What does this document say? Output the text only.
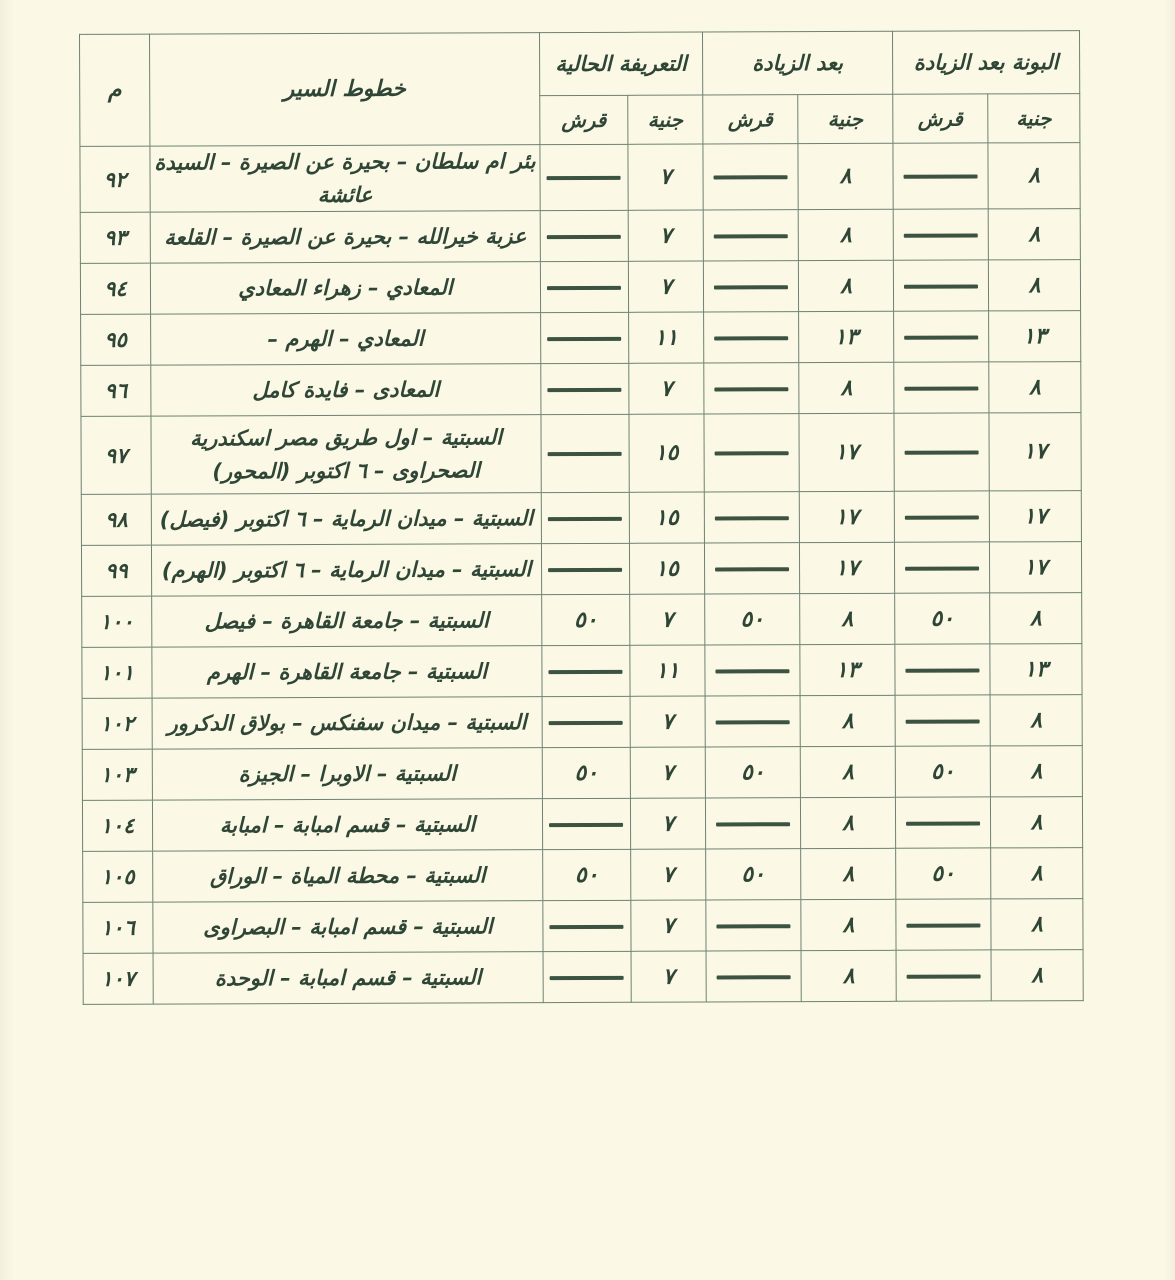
البونة بعد الزيادة		بعد الزيادة		التعريفة الحالية		خطوط السير	م
جنية	قرش	جنية	قرش	جنية	قرش		
٨		٨		٧		بئر ام سلطان – بحيرة عن الصيرة – السيدة عائشة	٩٢
٨		٨		٧		عزبة خيرالله – بحيرة عن الصيرة – القلعة	٩٣
٨		٨		٧		المعادي – زهراء المعادي	٩٤
١٣		١٣		١١		المعادي – الهرم –	٩٥
٨		٨		٧		المعادى – فايدة كامل	٩٦
١٧		١٧		١٥		السبتية – اول طريق مصر اسكندرية الصحراوى – ٦ اكتوبر (المحور)	٩٧
١٧		١٧		١٥		السبتية – ميدان الرماية – ٦ اكتوبر (فيصل)	٩٨
١٧		١٧		١٥		السبتية – ميدان الرماية – ٦ اكتوبر (الهرم)	٩٩
٨	٥٠	٨	٥٠	٧	٥٠	السبتية – جامعة القاهرة – فيصل	١٠٠
١٣		١٣		١١		السبتية – جامعة القاهرة – الهرم	١٠١
٨		٨		٧		السبتية – ميدان سفنكس – بولاق الدكرور	١٠٢
٨	٥٠	٨	٥٠	٧	٥٠	السبتية – الاوبرا – الجيزة	١٠٣
٨		٨		٧		السبتية – قسم امبابة – امبابة	١٠٤
٨	٥٠	٨	٥٠	٧	٥٠	السبتية – محطة المياة – الوراق	١٠٥
٨		٨		٧		السبتية – قسم امبابة – البصراوى	١٠٦
٨		٨		٧		السبتية – قسم امبابة – الوحدة	١٠٧
